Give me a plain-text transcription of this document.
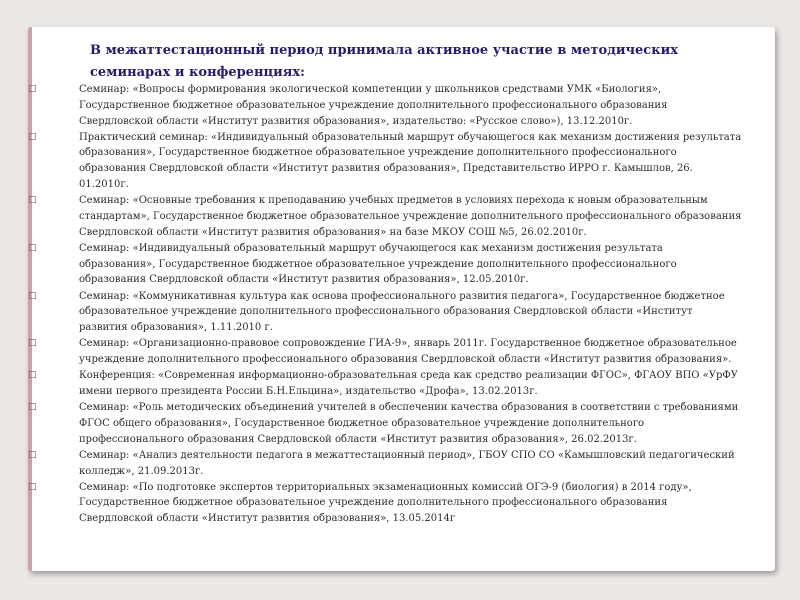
В межаттестационный период принимала активное участие в методических семинарах и конференциях:
□	Семинар: «Вопросы формирования экологической компетенции у школьников средствами УМК «Биология», Государственное бюджетное образовательное учреждение дополнительного профессионального образования Свердловской области «Институт развития образования», издательство: «Русское слово»), 13.12.2010г.
□	Практический семинар: «Индивидуальный образовательный маршрут обучающегося как механизм достижения результата образования», Государственное бюджетное образовательное учреждение дополнительного профессионального образования Свердловской области «Институт развития образования», Представительство ИРРО г. Камышлов, 26. 01.2010г.
□	Семинар: «Основные требования к преподаванию учебных предметов в условиях перехода к новым образовательным стандартам», Государственное бюджетное образовательное учреждение дополнительного профессионального образования Свердловской области «Институт развития образования» на базе МКОУ СОШ №5, 26.02.2010г.
□	Семинар: «Индивидуальный образовательный маршрут обучающегося как механизм достижения результата образования», Государственное бюджетное образовательное учреждение дополнительного профессионального образования Свердловской области «Институт развития образования», 12.05.2010г.
□	Семинар: «Коммуникативная культура как основа профессионального развития педагога», Государственное бюджетное образовательное учреждение дополнительного профессионального образования Свердловской области «Институт развития образования», 1.11.2010 г.
□	Семинар: «Организационно-правовое сопровождение ГИА-9», январь 2011г. Государственное бюджетное образовательное учреждение дополнительного профессионального образования Свердловской области «Институт развития образования».
□	Конференция: «Современная информационно-образовательная среда как средство реализации ФГОС», ФГАОУ ВПО «УрФУ имени первого президента России Б.Н.Ельцина», издательство «Дрофа», 13.02.2013г.
□	Семинар: «Роль методических объединений учителей в обеспечении качества образования в соответствии с требованиями ФГОС общего образования», Государственное бюджетное образовательное учреждение дополнительного профессионального образования Свердловской области «Институт развития образования», 26.02.2013г.
□	Семинар: «Анализ деятельности педагога в межаттестационный период», ГБОУ СПО СО «Камышловский педагогический колледж», 21.09.2013г.
□	Семинар: «По подготовке экспертов территориальных экзаменационных комиссий ОГЭ-9 (биология) в 2014 году», Государственное бюджетное образовательное учреждение дополнительного профессионального образования Свердловской области «Институт развития образования», 13.05.2014г
